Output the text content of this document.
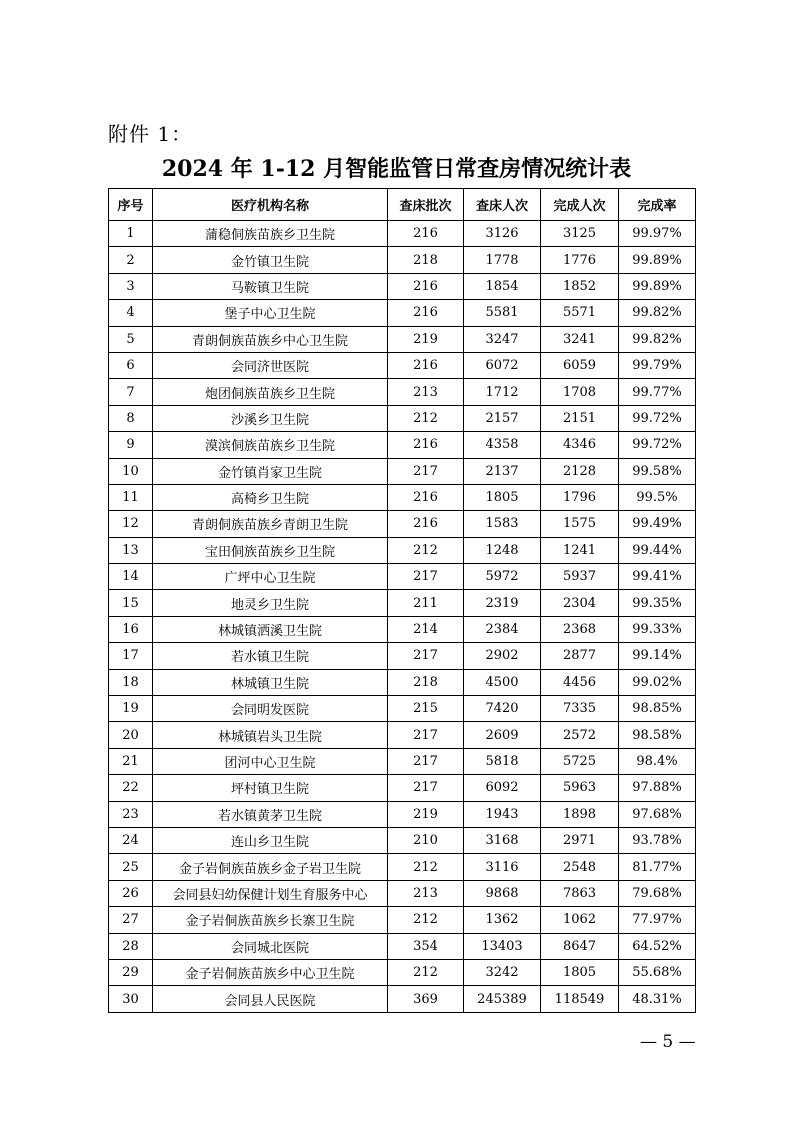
附件 1：
2024 年 1-12 月智能监管日常查房情况统计表
序号	医疗机构名称	查床批次	查床人次	完成人次	完成率
1	蒲稳侗族苗族乡卫生院	216	3126	3125	99.97%
2	金竹镇卫生院	218	1778	1776	99.89%
3	马鞍镇卫生院	216	1854	1852	99.89%
4	堡子中心卫生院	216	5581	5571	99.82%
5	青朗侗族苗族乡中心卫生院	219	3247	3241	99.82%
6	会同济世医院	216	6072	6059	99.79%
7	炮团侗族苗族乡卫生院	213	1712	1708	99.77%
8	沙溪乡卫生院	212	2157	2151	99.72%
9	漠滨侗族苗族乡卫生院	216	4358	4346	99.72%
10	金竹镇肖家卫生院	217	2137	2128	99.58%
11	高椅乡卫生院	216	1805	1796	99.5%
12	青朗侗族苗族乡青朗卫生院	216	1583	1575	99.49%
13	宝田侗族苗族乡卫生院	212	1248	1241	99.44%
14	广坪中心卫生院	217	5972	5937	99.41%
15	地灵乡卫生院	211	2319	2304	99.35%
16	林城镇洒溪卫生院	214	2384	2368	99.33%
17	若水镇卫生院	217	2902	2877	99.14%
18	林城镇卫生院	218	4500	4456	99.02%
19	会同明发医院	215	7420	7335	98.85%
20	林城镇岩头卫生院	217	2609	2572	98.58%
21	团河中心卫生院	217	5818	5725	98.4%
22	坪村镇卫生院	217	6092	5963	97.88%
23	若水镇黄茅卫生院	219	1943	1898	97.68%
24	连山乡卫生院	210	3168	2971	93.78%
25	金子岩侗族苗族乡金子岩卫生院	212	3116	2548	81.77%
26	会同县妇幼保健计划生育服务中心	213	9868	7863	79.68%
27	金子岩侗族苗族乡长寨卫生院	212	1362	1062	77.97%
28	会同城北医院	354	13403	8647	64.52%
29	金子岩侗族苗族乡中心卫生院	212	3242	1805	55.68%
30	会同县人民医院	369	245389	118549	48.31%
— 5 —
